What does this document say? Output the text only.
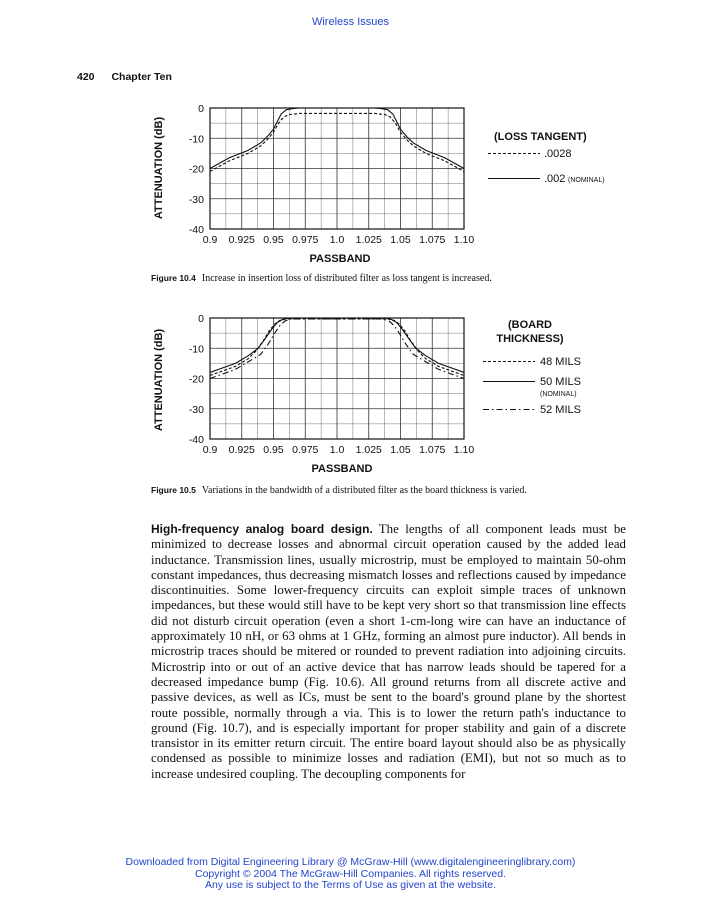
Wireless Issues
420 Chapter Ten
0
-10
-20
-30
-40
0.9 0.925 0.95 0.975 1.0 1.025 1.05 1.075 1.10
ATTENUATION (dB)
PASSBAND
(LOSS TANGENT)
.0028
.002 (NOMINAL)
Figure 10.4 Increase in insertion loss of distributed filter as loss tangent is increased.
0
-10
-20
-30
-40
0.9 0.925 0.95 0.975 1.0 1.025 1.05 1.075 1.10
ATTENUATION (dB)
PASSBAND
48 MILS
50 MILS
(NOMINAL)
52 MILS
(BOARD
THICKNESS)
Figure 10.5 Variations in the bandwidth of a distributed filter as the board thickness is varied.

High-frequency analog board design. The lengths of all component leads must be minimized to decrease losses and abnormal circuit operation caused by the added lead inductance. Transmission lines, usually microstrip, must be employed to maintain 50-ohm constant impedances, thus decreasing mismatch losses and reflections caused by impedance discontinuities. Some lower-frequency circuits can exploit simple traces of unknown impedances, but these would still have to be kept very short so that transmission line effects did not disturb circuit operation (even a short 1-cm-long wire can have an inductance of approximately 10 nH, or 63 ohms at 1 GHz, forming an almost pure inductor). All bends in microstrip traces should be mitered or rounded to prevent radiation into adjoining circuits. Microstrip into or out of an active device that has narrow leads should be tapered for a decreased impedance bump (Fig. 10.6). All ground returns from all discrete active and passive devices, as well as ICs, must be sent to the board's ground plane by the shortest route possible, normally through a via. This is to lower the return path's inductance to ground (Fig. 10.7), and is especially important for proper stability and gain of a discrete transistor in its emitter return circuit. The entire board layout should also be as physically condensed as possible to minimize losses and radiation (EMI), but not so much as to increase undesired coupling. The decoupling components for

Downloaded from Digital Engineering Library @ McGraw-Hill (www.digitalengineeringlibrary.com)
Copyright © 2004 The McGraw-Hill Companies. All rights reserved.
Any use is subject to the Terms of Use as given at the website.
